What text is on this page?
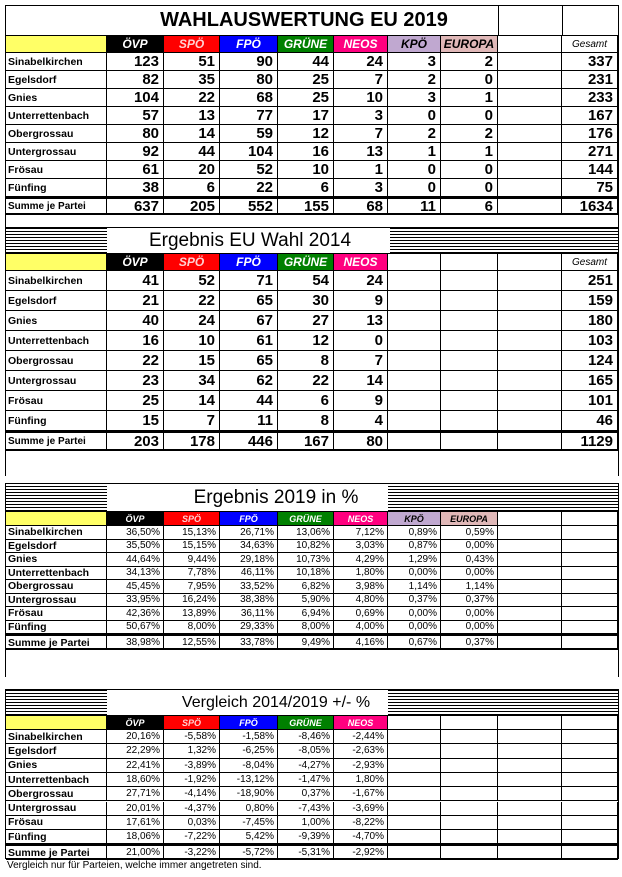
WAHLAUSWERTUNG EU 2019
ÖVP	SPÖ	FPÖ	GRÜNE	NEOS	KPÖ	EUROPA	Gesamt
Sinabelkirchen	123	51	90	44	24	3	2	337
Egelsdorf	82	35	80	25	7	2	0	231
Gnies	104	22	68	25	10	3	1	233
Unterrettenbach	57	13	77	17	3	0	0	167
Obergrossau	80	14	59	12	7	2	2	176
Untergrossau	92	44	104	16	13	1	1	271
Frösau	61	20	52	10	1	0	0	144
Fünfing	38	6	22	6	3	0	0	75
Summe je Partei	637	205	552	155	68	11	6	1634
Ergebnis EU Wahl 2014
ÖVP	SPÖ	FPÖ	GRÜNE	NEOS	Gesamt
Sinabelkirchen	41	52	71	54	24	251
Egelsdorf	21	22	65	30	9	159
Gnies	40	24	67	27	13	180
Unterrettenbach	16	10	61	12	0	103
Obergrossau	22	15	65	8	7	124
Untergrossau	23	34	62	22	14	165
Frösau	25	14	44	6	9	101
Fünfing	15	7	11	8	4	46
Summe je Partei	203	178	446	167	80	1129
Ergebnis 2019 in %
ÖVP	SPÖ	FPÖ	GRÜNE	NEOS	KPÖ	EUROPA
Sinabelkirchen	36,50%	15,13%	26,71%	13,06%	7,12%	0,89%	0,59%
Egelsdorf	35,50%	15,15%	34,63%	10,82%	3,03%	0,87%	0,00%
Gnies	44,64%	9,44%	29,18%	10,73%	4,29%	1,29%	0,43%
Unterrettenbach	34,13%	7,78%	46,11%	10,18%	1,80%	0,00%	0,00%
Obergrossau	45,45%	7,95%	33,52%	6,82%	3,98%	1,14%	1,14%
Untergrossau	33,95%	16,24%	38,38%	5,90%	4,80%	0,37%	0,37%
Frösau	42,36%	13,89%	36,11%	6,94%	0,69%	0,00%	0,00%
Fünfing	50,67%	8,00%	29,33%	8,00%	4,00%	0,00%	0,00%
Summe je Partei	38,98%	12,55%	33,78%	9,49%	4,16%	0,67%	0,37%
Vergleich 2014/2019 +/- %
ÖVP	SPÖ	FPÖ	GRÜNE	NEOS
Sinabelkirchen	20,16%	-5,58%	-1,58%	-8,46%	-2,44%
Egelsdorf	22,29%	1,32%	-6,25%	-8,05%	-2,63%
Gnies	22,41%	-3,89%	-8,04%	-4,27%	-2,93%
Unterrettenbach	18,60%	-1,92%	-13,12%	-1,47%	1,80%
Obergrossau	27,71%	-4,14%	-18,90%	0,37%	-1,67%
Untergrossau	20,01%	-4,37%	0,80%	-7,43%	-3,69%
Frösau	17,61%	0,03%	-7,45%	1,00%	-8,22%
Fünfing	18,06%	-7,22%	5,42%	-9,39%	-4,70%
Summe je Partei	21,00%	-3,22%	-5,72%	-5,31%	-2,92%
Vergleich nur für Parteien, welche immer angetreten sind.
